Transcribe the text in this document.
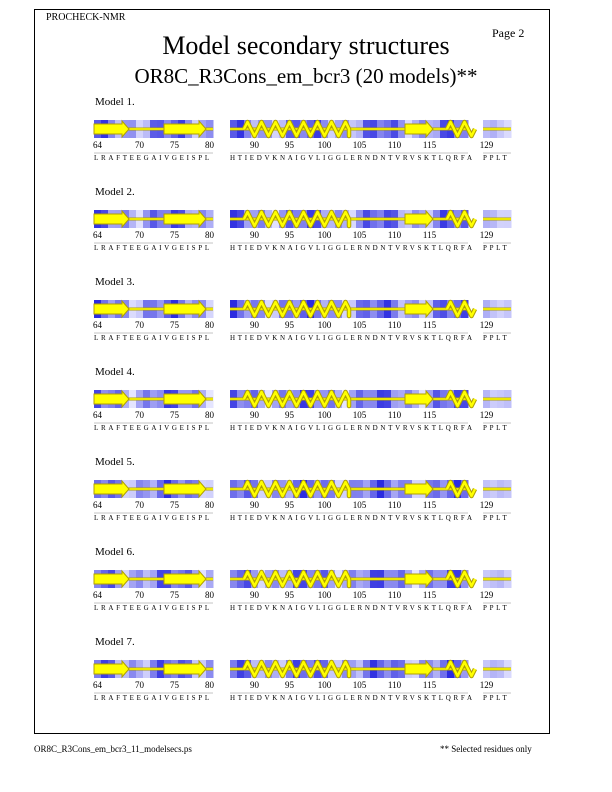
PROCHECK-NMR
Page 2
Model secondary structures
OR8C_R3Cons_em_bcr3 (20 models)**
Model 1.
64	70	75	80
LRAFTEEGAIVGEISPL
90	95	100 105 110 115
HTIEDVKNAIGVLIGGLERNDNTVRVSKTLQRFA
129
PPLT
Model 2.
64	70	75	80
LRAFTEEGAIVGEISPL
90	95	100 105 110 115
HTIEDVKNAIGVLIGGLERNDNTVRVSKTLQRFA
129
PPLT
Model 3.
64	70	75	80
LRAFTEEGAIVGEISPL
90	95	100 105 110 115
HTIEDVKNAIGVLIGGLERNDNTVRVSKTLQRFA
129
PPLT
Model 4.
64	70	75	80
LRAFTEEGAIVGEISPL
90	95	100 105 110 115
HTIEDVKNAIGVLIGGLERNDNTVRVSKTLQRFA
129
PPLT
Model 5.
64	70	75	80
LRAFTEEGAIVGEISPL
90	95	100 105 110 115
HTIEDVKNAIGVLIGGLERNDNTVRVSKTLQRFA
129
PPLT
Model 6.
64	70	75	80
LRAFTEEGAIVGEISPL
90	95	100 105 110 115
HTIEDVKNAIGVLIGGLERNDNTVRVSKTLQRFA
129
PPLT
Model 7.
64	70	75	80
LRAFTEEGAIVGEISPL
90	95	100 105 110 115
HTIEDVKNAIGVLIGGLERNDNTVRVSKTLQRFA
129
PPLT
OR8C_R3Cons_em_bcr3_11_modelsecs.ps	** Selected residues only
